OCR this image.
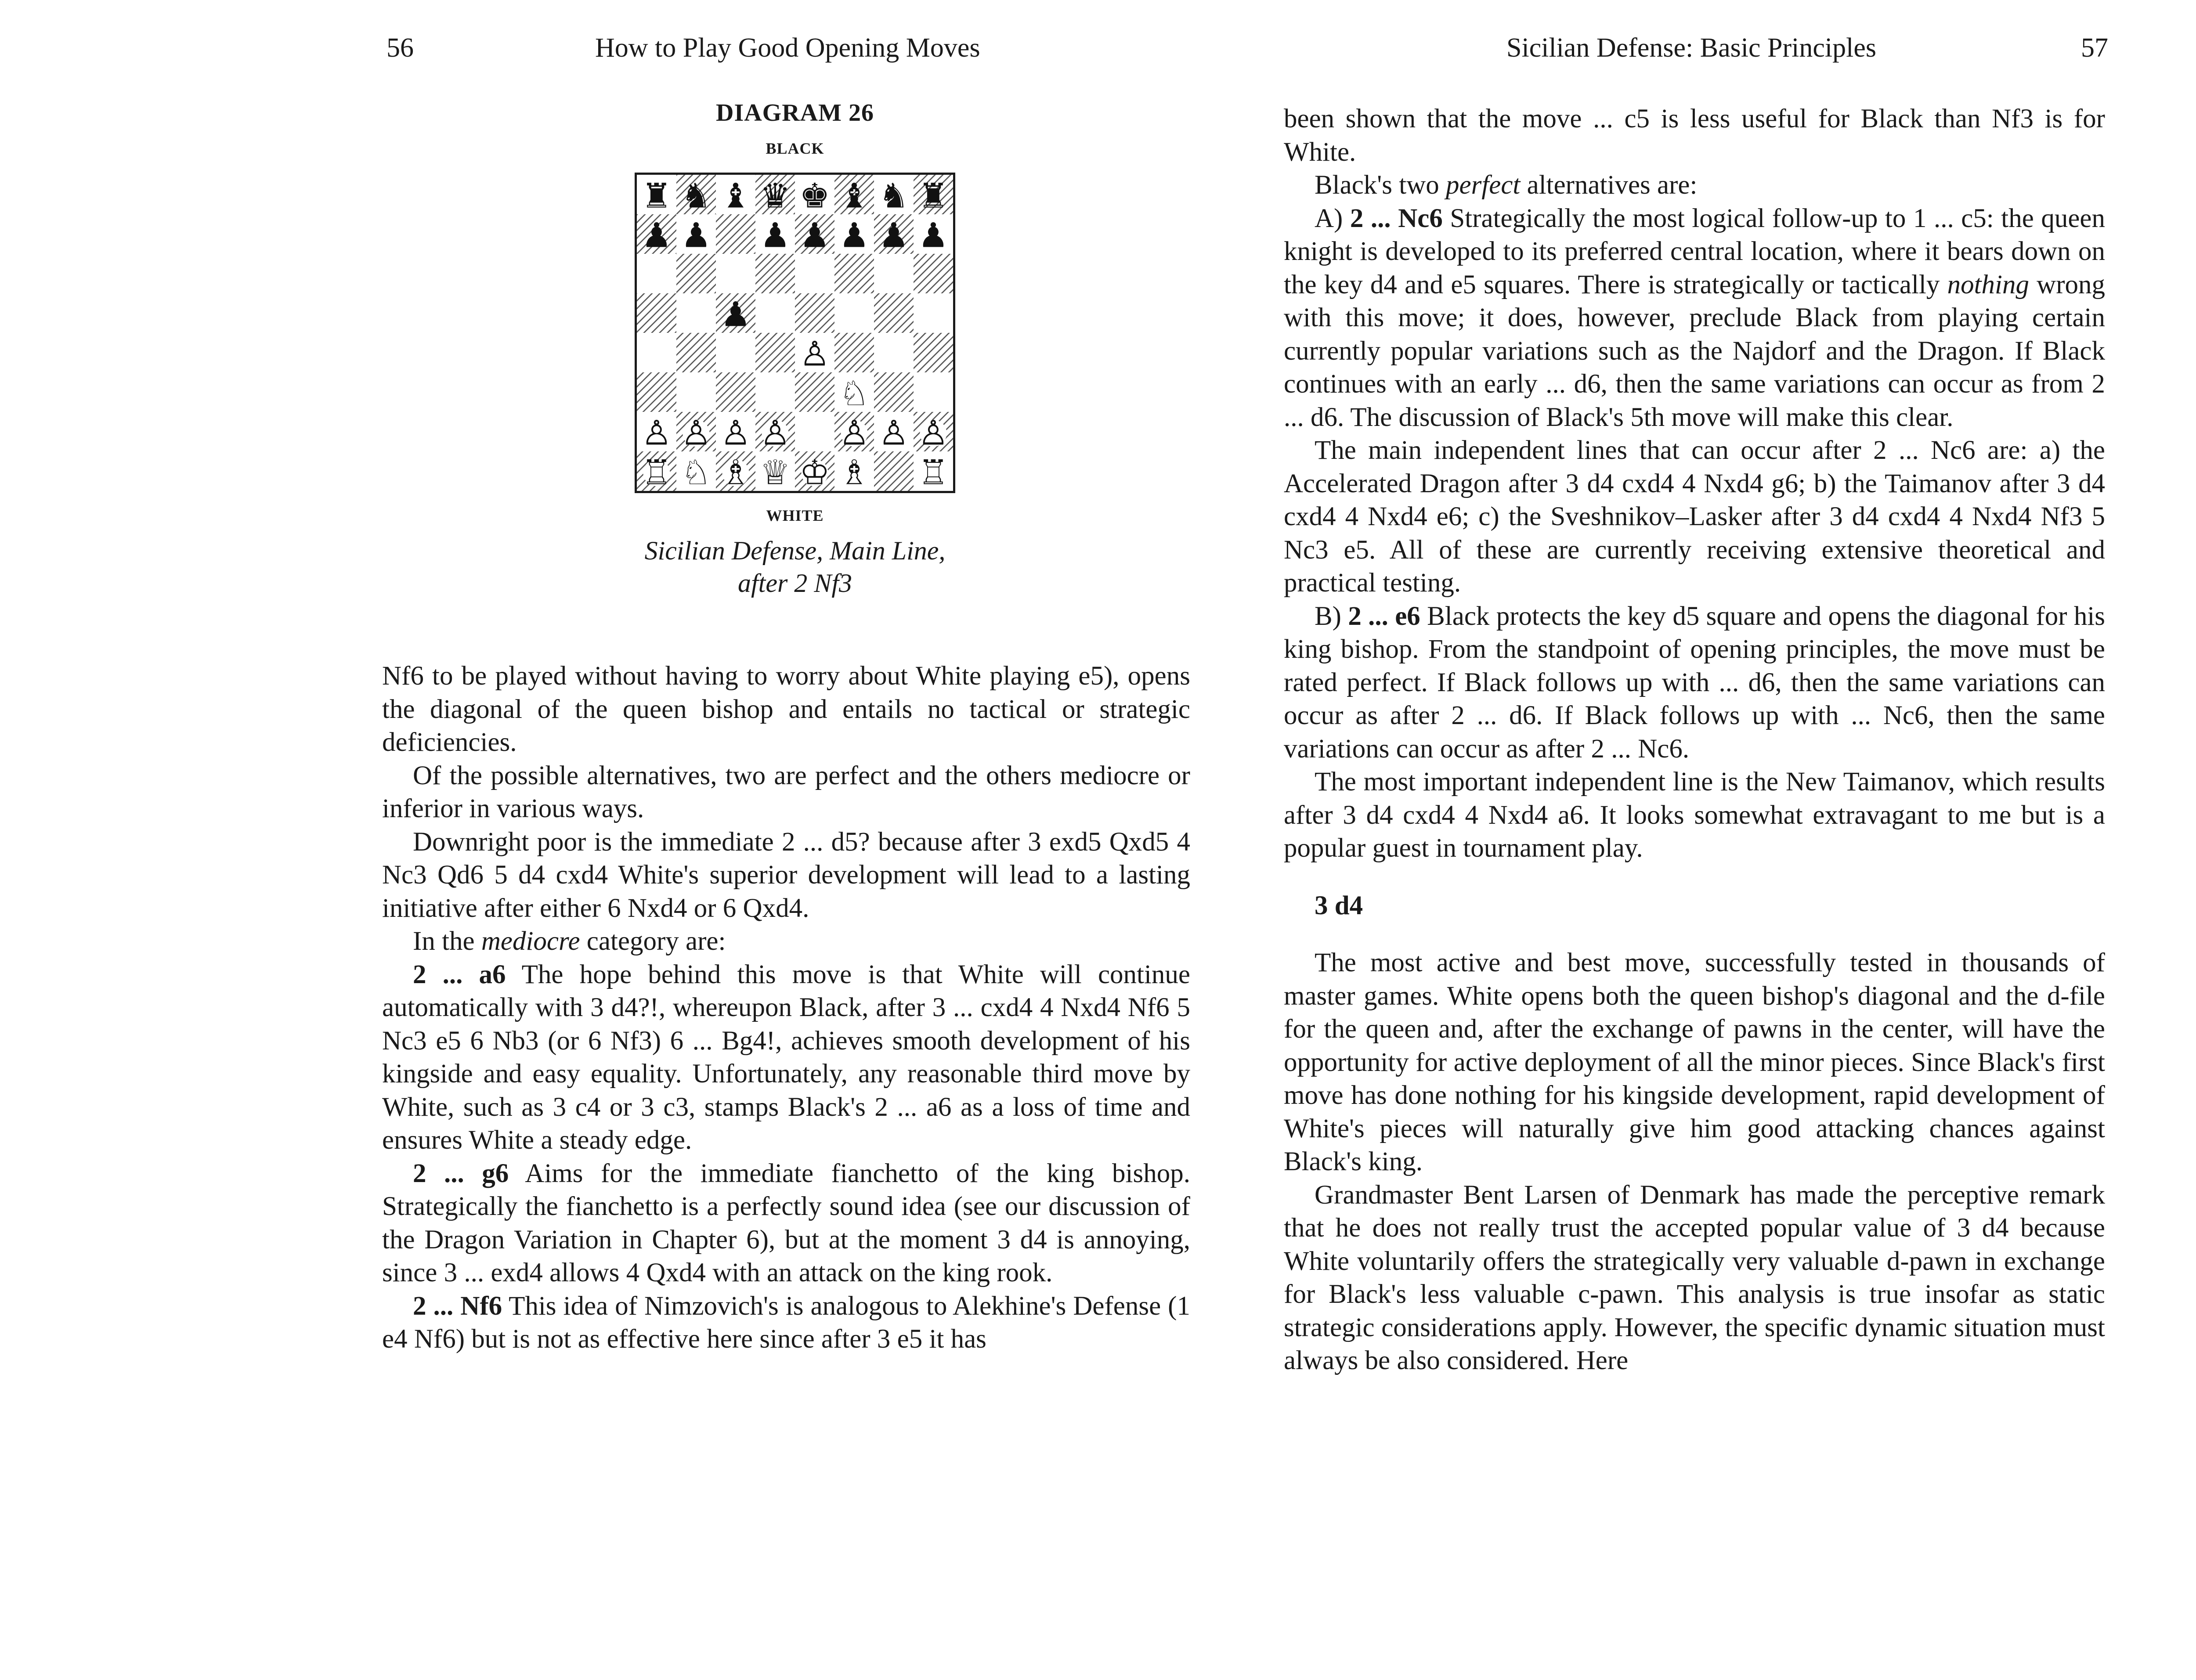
56	How to Play Good Opening Moves
DIAGRAM 26
BLACK
♜ ♞ ♝ ♛ ♚ ♝ ♞ ♜
♟ ♟ ♟ ♟ ♟ ♟ ♟
♟
♙
♘
♙ ♙ ♙ ♙ ♙ ♙ ♙
♖ ♘ ♗ ♕ ♔ ♗ ♖
WHITE
Sicilian Defense, Main Line,
after 2 Nf3

Nf6 to be played without having to worry about White playing e5), opens the diagonal of the queen bishop and entails no tactical or strategic deficiencies.

Of the possible alternatives, two are perfect and the others mediocre or inferior in various ways.

Downright poor is the immediate 2 ... d5? because after 3 exd5 Qxd5 4 Nc3 Qd6 5 d4 cxd4 White's superior development will lead to a lasting initiative after either 6 Nxd4 or 6 Qxd4.

In the mediocre category are:

2 ... a6 The hope behind this move is that White will continue automatically with 3 d4?!, whereupon Black, after 3 ... cxd4 4 Nxd4 Nf6 5 Nc3 e5 6 Nb3 (or 6 Nf3) 6 ... Bg4!, achieves smooth development of his kingside and easy equality. Unfortunately, any reasonable third move by White, such as 3 c4 or 3 c3, stamps Black's 2 ... a6 as a loss of time and ensures White a steady edge.

2 ... g6 Aims for the immediate fianchetto of the king bishop. Strategically the fianchetto is a perfectly sound idea (see our discussion of the Dragon Variation in Chapter 6), but at the moment 3 d4 is annoying, since 3 ... exd4 allows 4 Qxd4 with an attack on the king rook.

2 ... Nf6 This idea of Nimzovich's is analogous to Alekhine's Defense (1 e4 Nf6) but is not as effective here since after 3 e5 it has

Sicilian Defense: Basic Principles	57

been shown that the move ... c5 is less useful for Black than Nf3 is for White.

Black's two perfect alternatives are:

A) 2 ... Nc6 Strategically the most logical follow-up to 1 ... c5: the queen knight is developed to its preferred central location, where it bears down on the key d4 and e5 squares. There is strategically or tactically nothing wrong with this move; it does, however, preclude Black from playing certain currently popular variations such as the Najdorf and the Dragon. If Black continues with an early ... d6, then the same variations can occur as from 2 ... d6. The discussion of Black's 5th move will make this clear.

The main independent lines that can occur after 2 ... Nc6 are: a) the Accelerated Dragon after 3 d4 cxd4 4 Nxd4 g6; b) the Taimanov after 3 d4 cxd4 4 Nxd4 e6; c) the Sveshnikov–Lasker after 3 d4 cxd4 4 Nxd4 Nf3 5 Nc3 e5. All of these are currently receiving extensive theoretical and practical testing.

B) 2 ... e6 Black protects the key d5 square and opens the diagonal for his king bishop. From the standpoint of opening principles, the move must be rated perfect. If Black follows up with ... d6, then the same variations can occur as after 2 ... d6. If Black follows up with ... Nc6, then the same variations can occur as after 2 ... Nc6.

The most important independent line is the New Taimanov, which results after 3 d4 cxd4 4 Nxd4 a6. It looks somewhat extravagant to me but is a popular guest in tournament play.

3 d4

The most active and best move, successfully tested in thousands of master games. White opens both the queen bishop's diagonal and the d-file for the queen and, after the exchange of pawns in the center, will have the opportunity for active deployment of all the minor pieces. Since Black's first move has done nothing for his kingside development, rapid development of White's pieces will naturally give him good attacking chances against Black's king.

Grandmaster Bent Larsen of Denmark has made the perceptive remark that he does not really trust the accepted popular value of 3 d4 because White voluntarily offers the strategically very valuable d-pawn in exchange for Black's less valuable c-pawn. This analysis is true insofar as static strategic considerations apply. However, the specific dynamic situation must always be also considered. Here
